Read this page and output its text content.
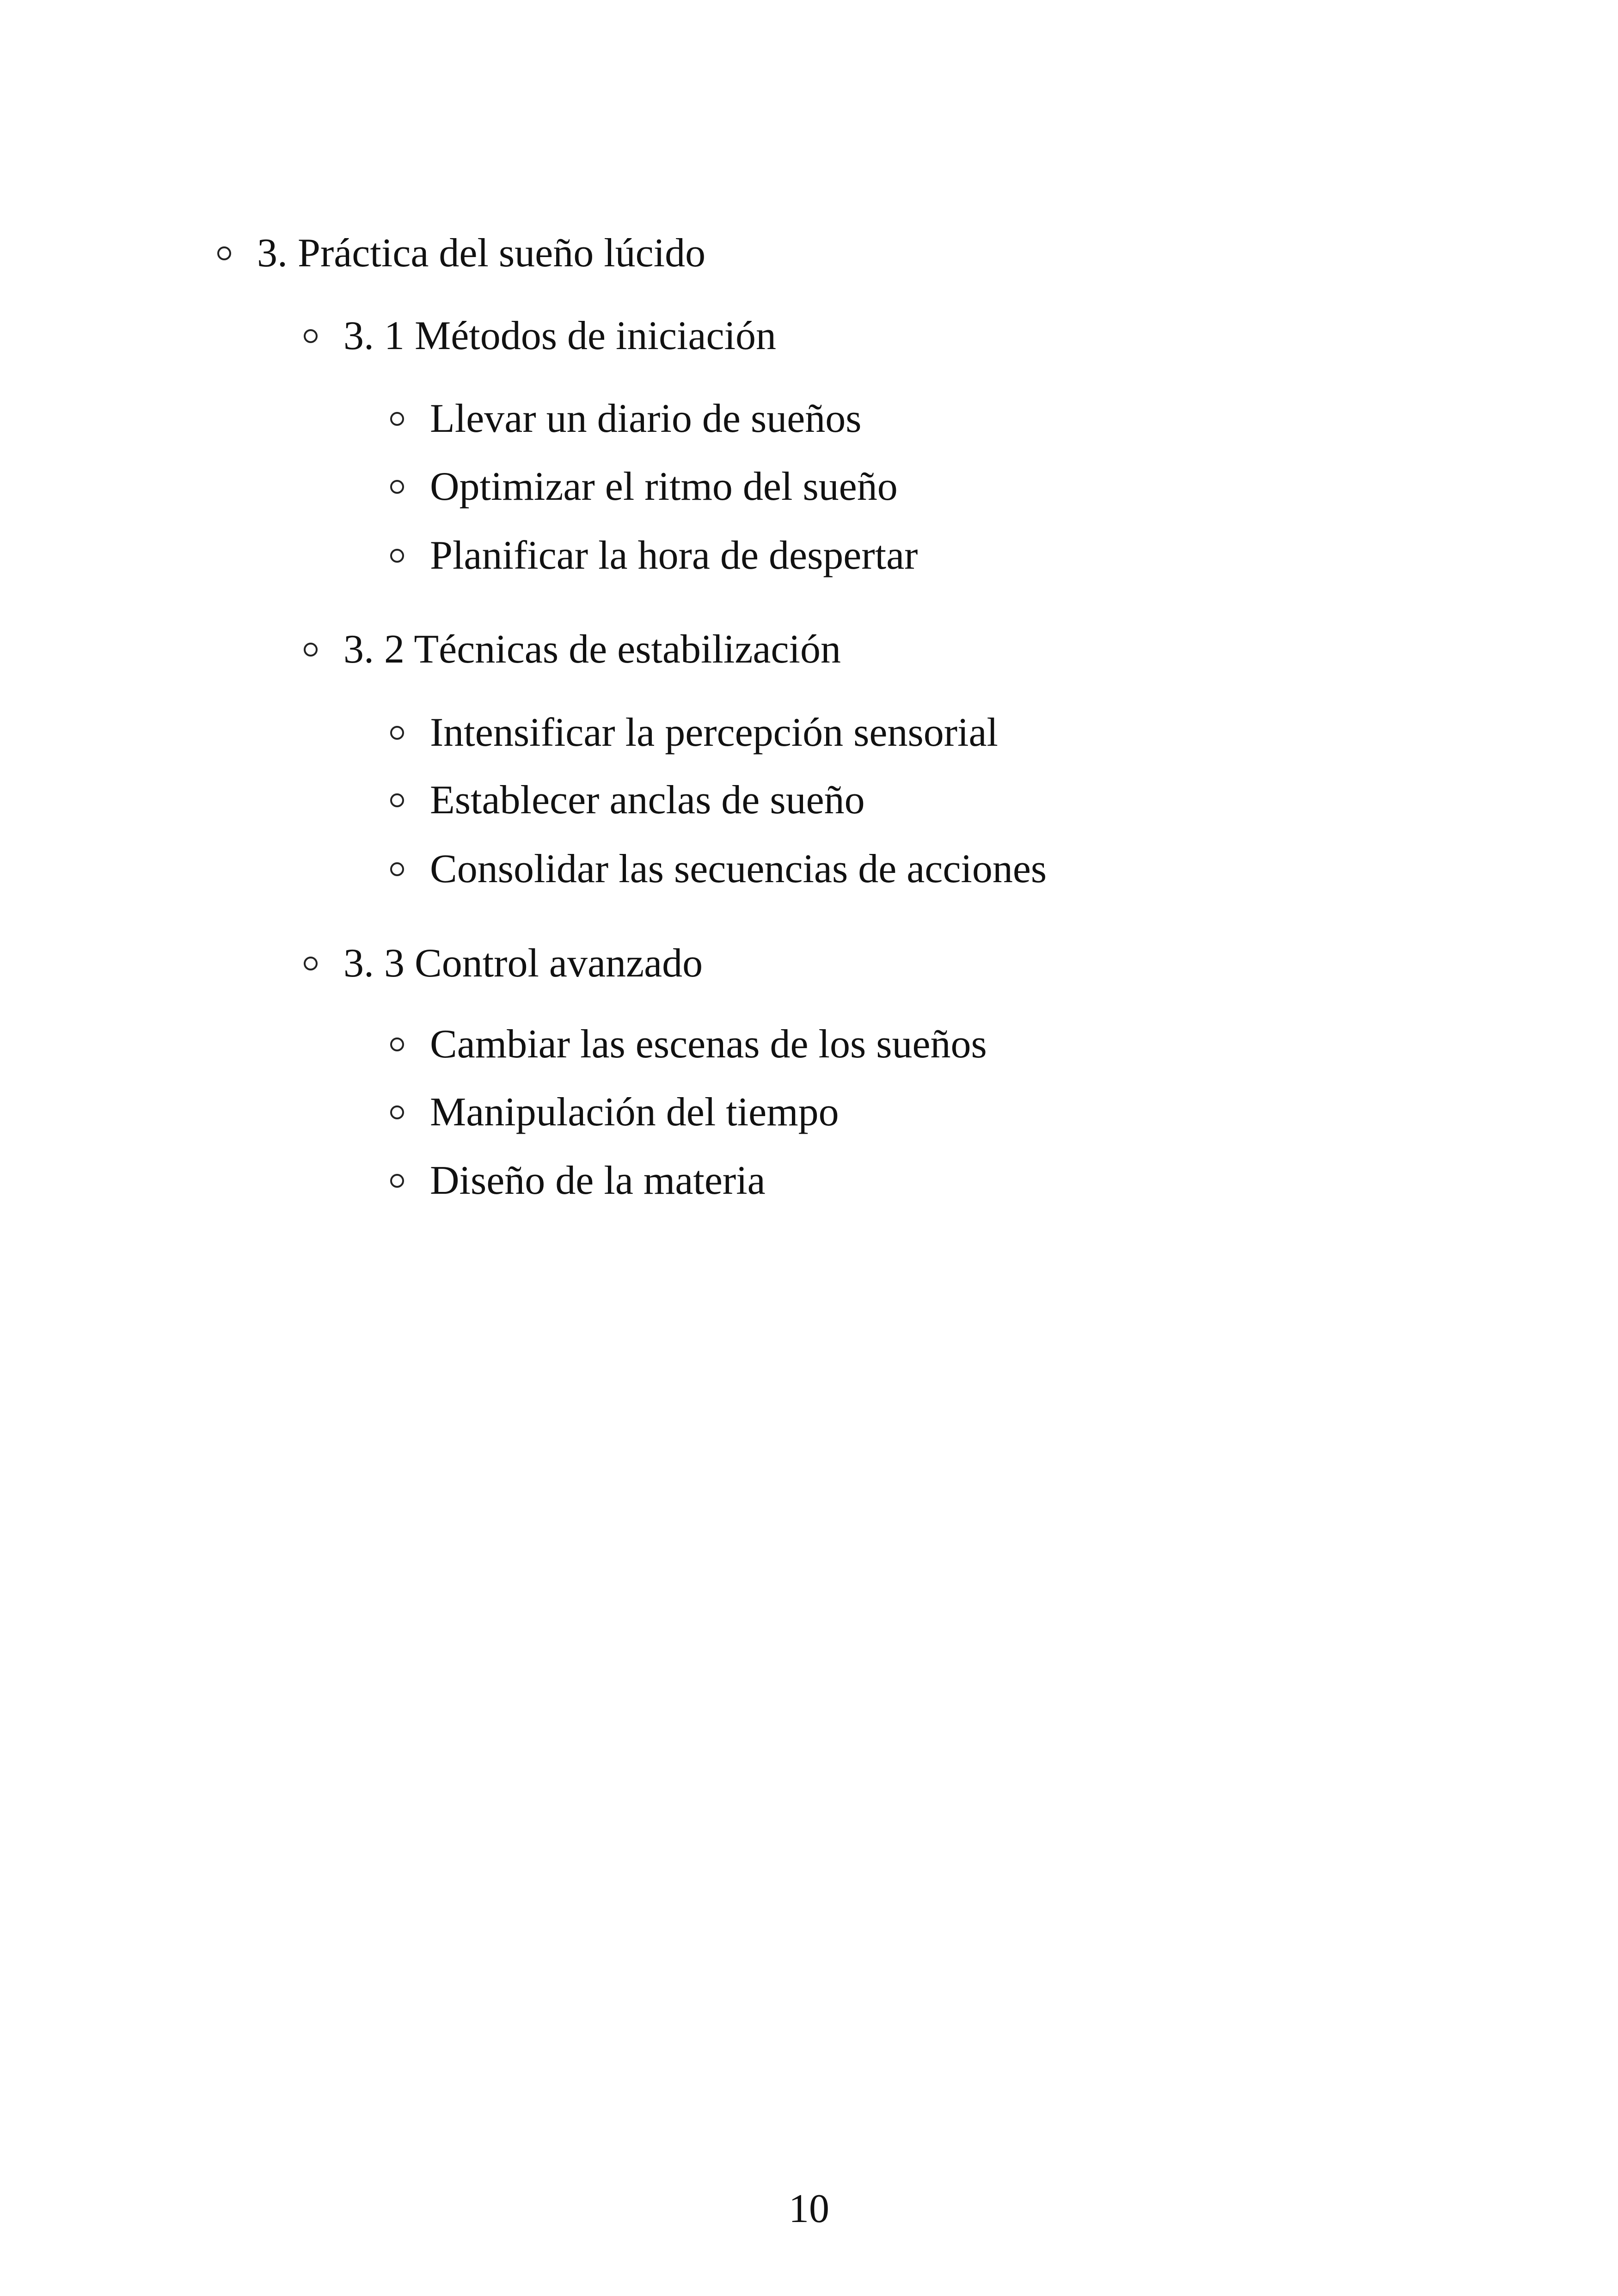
3. Práctica del sueño lúcido
3. 1 Métodos de iniciación
Llevar un diario de sueños
Optimizar el ritmo del sueño
Planificar la hora de despertar
3. 2 Técnicas de estabilización
Intensificar la percepción sensorial
Establecer anclas de sueño
Consolidar las secuencias de acciones
3. 3 Control avanzado
Cambiar las escenas de los sueños
Manipulación del tiempo
Diseño de la materia
10
